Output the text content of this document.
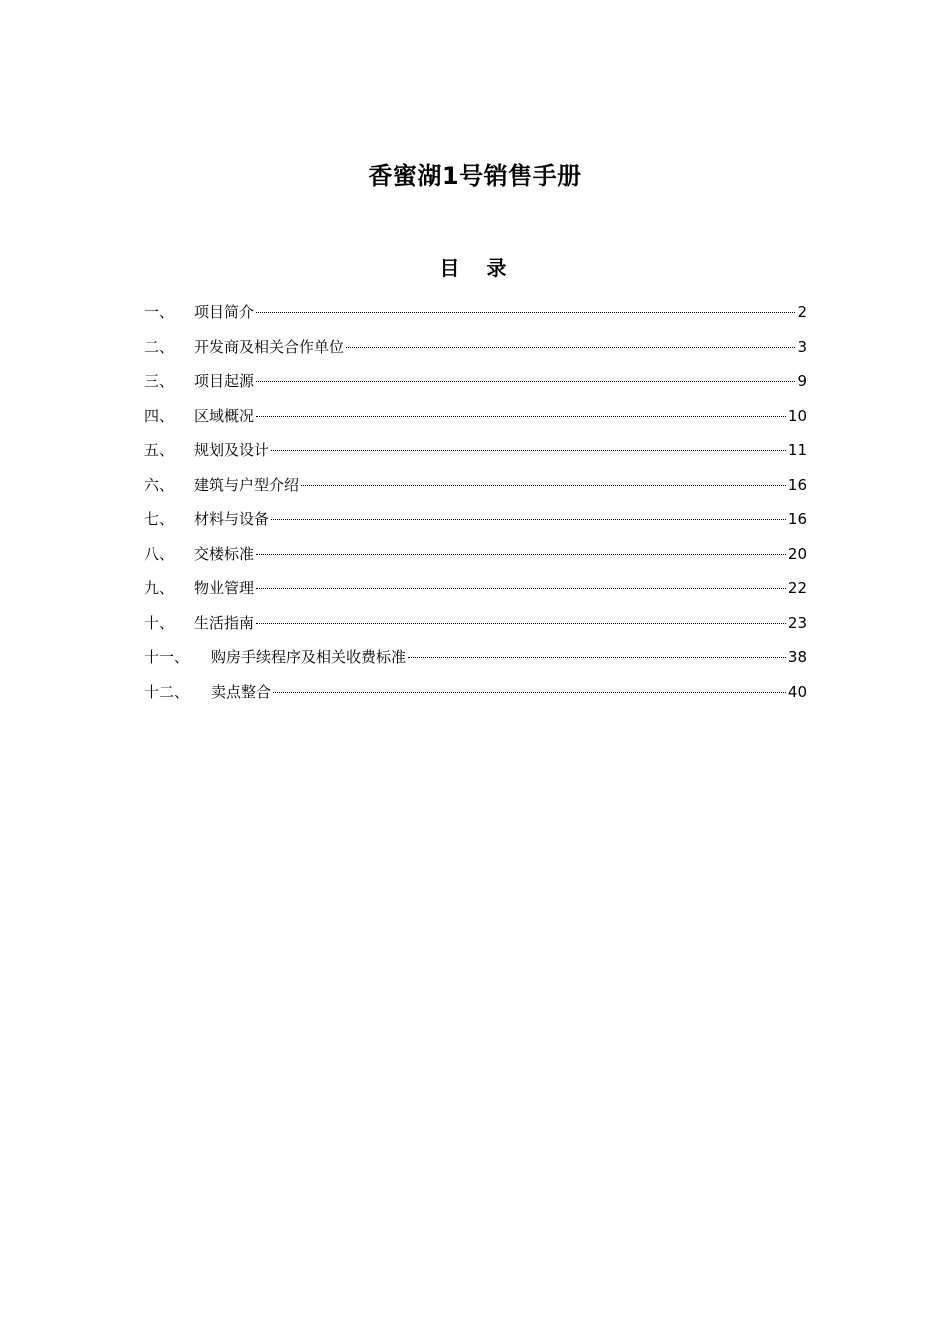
香蜜湖1号销售手册
目 录
一、	项目简介	2
二、	开发商及相关合作单位	3
三、	项目起源	9
四、	区域概况	10
五、	规划及设计	11
六、	建筑与户型介绍	16
七、	材料与设备	16
八、	交楼标准	20
九、	物业管理	22
十、	生活指南	23
十一、	购房手续程序及相关收费标准	38
十二、	卖点整合	40
